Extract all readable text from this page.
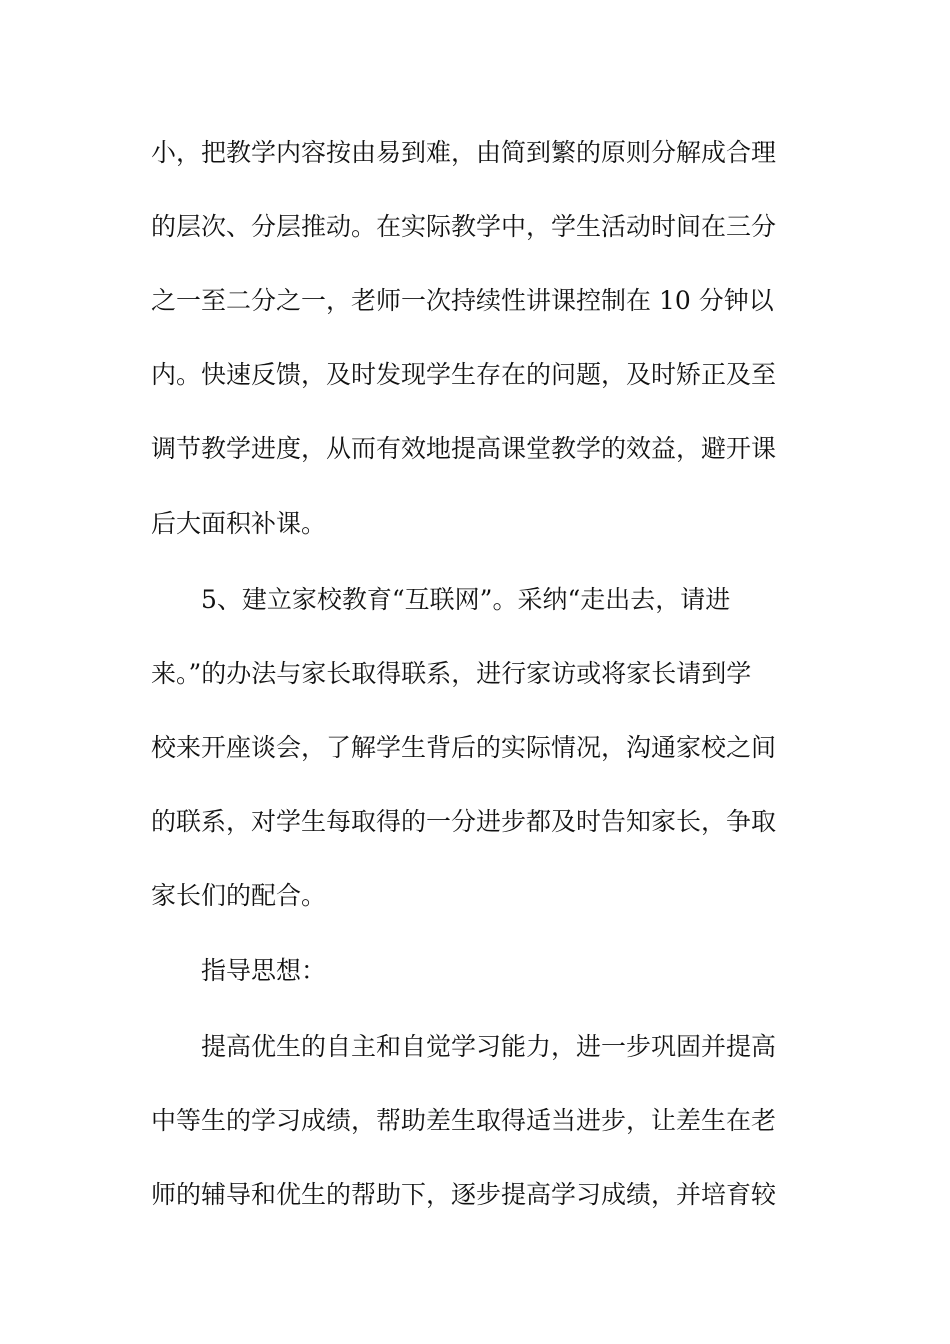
小，把教学内容按由易到难，由简到繁的原则分解成合理
的层次、分层推动。在实际教学中，学生活动时间在三分
之一至二分之一，老师一次持续性讲课控制在 10 分钟以
内。快速反馈，及时发现学生存在的问题，及时矫正及至
调节教学进度，从而有效地提高课堂教学的效益，避开课
后大面积补课。
5、建立家校教育“互联网”。采纳“走出去，请进
来。”的办法与家长取得联系，进行家访或将家长请到学
校来开座谈会，了解学生背后的实际情况，沟通家校之间
的联系，对学生每取得的一分进步都及时告知家长，争取
家长们的配合。
指导思想：
提高优生的自主和自觉学习能力，进一步巩固并提高
中等生的学习成绩，帮助差生取得适当进步，让差生在老
师的辅导和优生的帮助下，逐步提高学习成绩，并培育较
